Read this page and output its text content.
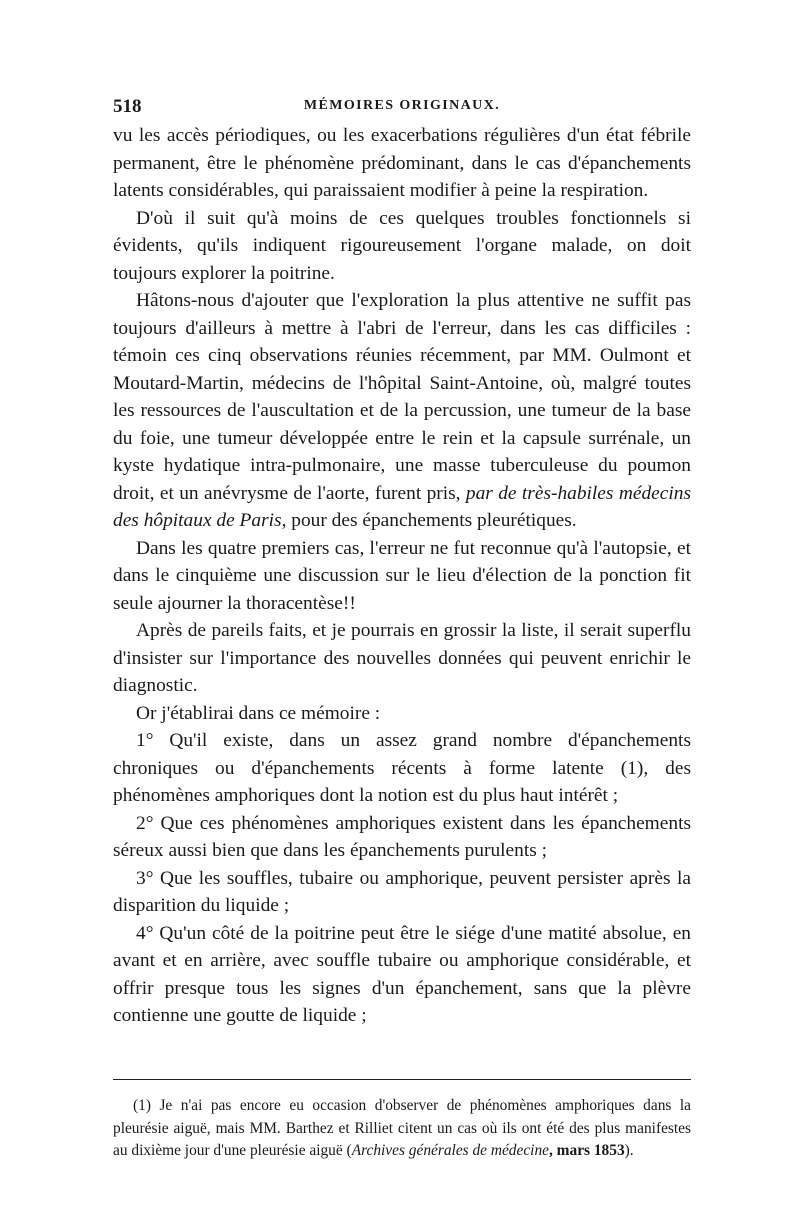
518	MÉMOIRES ORIGINAUX.

vu les accès périodiques, ou les exacerbations régulières d'un état fébrile permanent, être le phénomène prédominant, dans le cas d'épanchements latents considérables, qui paraissaient modifier à peine la respiration.

D'où il suit qu'à moins de ces quelques troubles fonctionnels si évidents, qu'ils indiquent rigoureusement l'organe malade, on doit toujours explorer la poitrine.

Hâtons-nous d'ajouter que l'exploration la plus attentive ne suffit pas toujours d'ailleurs à mettre à l'abri de l'erreur, dans les cas difficiles : témoin ces cinq observations réunies récemment, par MM. Oulmont et Moutard-Martin, médecins de l'hôpital Saint-Antoine, où, malgré toutes les ressources de l'auscultation et de la percussion, une tumeur de la base du foie, une tumeur développée entre le rein et la capsule surrénale, un kyste hydatique intra-pulmonaire, une masse tuberculeuse du poumon droit, et un anévrysme de l'aorte, furent pris, par de très-habiles médecins des hôpitaux de Paris, pour des épanchements pleurétiques.

Dans les quatre premiers cas, l'erreur ne fut reconnue qu'à l'autopsie, et dans le cinquième une discussion sur le lieu d'élection de la ponction fit seule ajourner la thoracentèse!!

Après de pareils faits, et je pourrais en grossir la liste, il serait superflu d'insister sur l'importance des nouvelles données qui peuvent enrichir le diagnostic.

Or j'établirai dans ce mémoire :

1° Qu'il existe, dans un assez grand nombre d'épanchements chroniques ou d'épanchements récents à forme latente (1), des phénomènes amphoriques dont la notion est du plus haut intérêt ;

2° Que ces phénomènes amphoriques existent dans les épanchements séreux aussi bien que dans les épanchements purulents ;

3° Que les souffles, tubaire ou amphorique, peuvent persister après la disparition du liquide ;

4° Qu'un côté de la poitrine peut être le siége d'une matité absolue, en avant et en arrière, avec souffle tubaire ou amphorique considérable, et offrir presque tous les signes d'un épanchement, sans que la plèvre contienne une goutte de liquide ;

(1) Je n'ai pas encore eu occasion d'observer de phénomènes amphoriques dans la pleurésie aiguë, mais MM. Barthez et Rilliet citent un cas où ils ont été des plus manifestes au dixième jour d'une pleurésie aiguë (Archives générales de médecine, mars 1853).
